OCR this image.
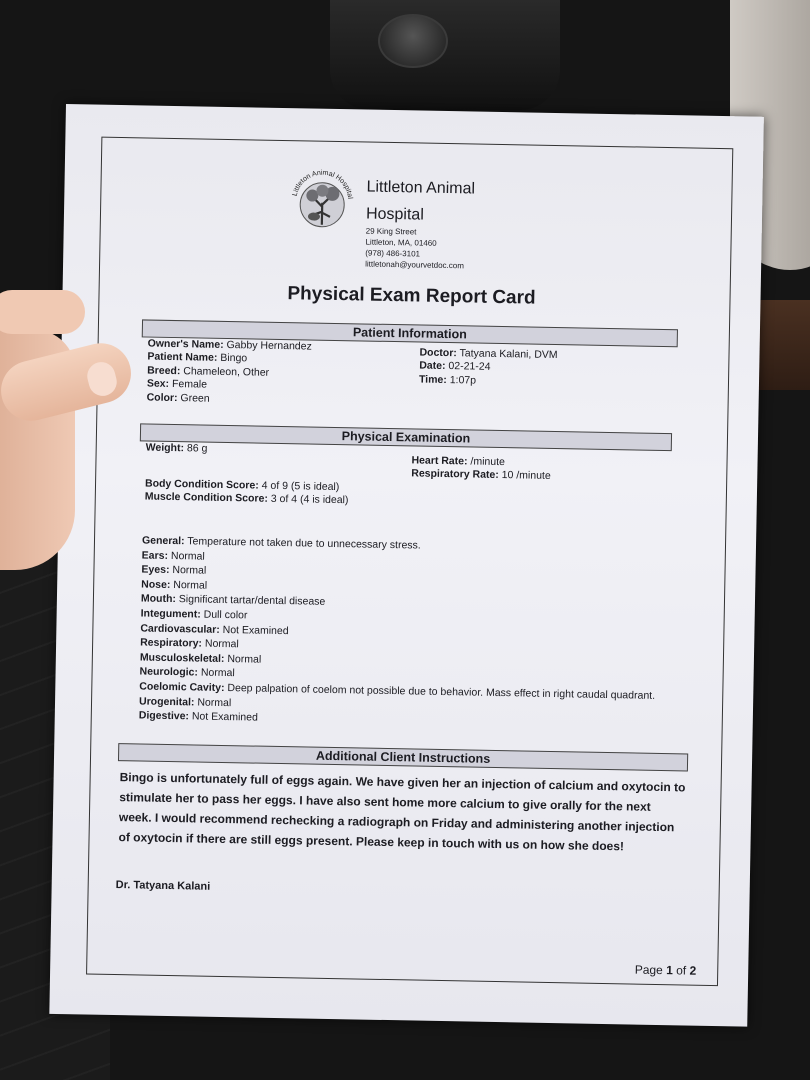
Littleton Animal Hospital
Littleton Animal Hospital
29 King Street
Littleton, MA, 01460
(978) 486-3101
littletonah@yourvetdoc.com
Physical Exam Report Card
Patient Information
Owner's Name: Gabby Hernandez
Patient Name: Bingo
Breed: Chameleon, Other
Sex: Female
Color: Green
Doctor: Tatyana Kalani, DVM
Date: 02-21-24
Time: 1:07p
Physical Examination
Weight: 86 g
Heart Rate: /minute
Respiratory Rate: 10 /minute
Body Condition Score: 4 of 9 (5 is ideal)
Muscle Condition Score: 3 of 4 (4 is ideal)
General: Temperature not taken due to unnecessary stress.
Ears: Normal
Eyes: Normal
Nose: Normal
Mouth: Significant tartar/dental disease
Integument: Dull color
Cardiovascular: Not Examined
Respiratory: Normal
Musculoskeletal: Normal
Neurologic: Normal
Coelomic Cavity: Deep palpation of coelom not possible due to behavior. Mass effect in right caudal quadrant.
Urogenital: Normal
Digestive: Not Examined
Additional Client Instructions
Bingo is unfortunately full of eggs again. We have given her an injection of calcium and oxytocin to stimulate her to pass her eggs. I have also sent home more calcium to give orally for the next week. I would recommend rechecking a radiograph on Friday and administering another injection of oxytocin if there are still eggs present. Please keep in touch with us on how she does!
Dr. Tatyana Kalani
Page 1 of 2
